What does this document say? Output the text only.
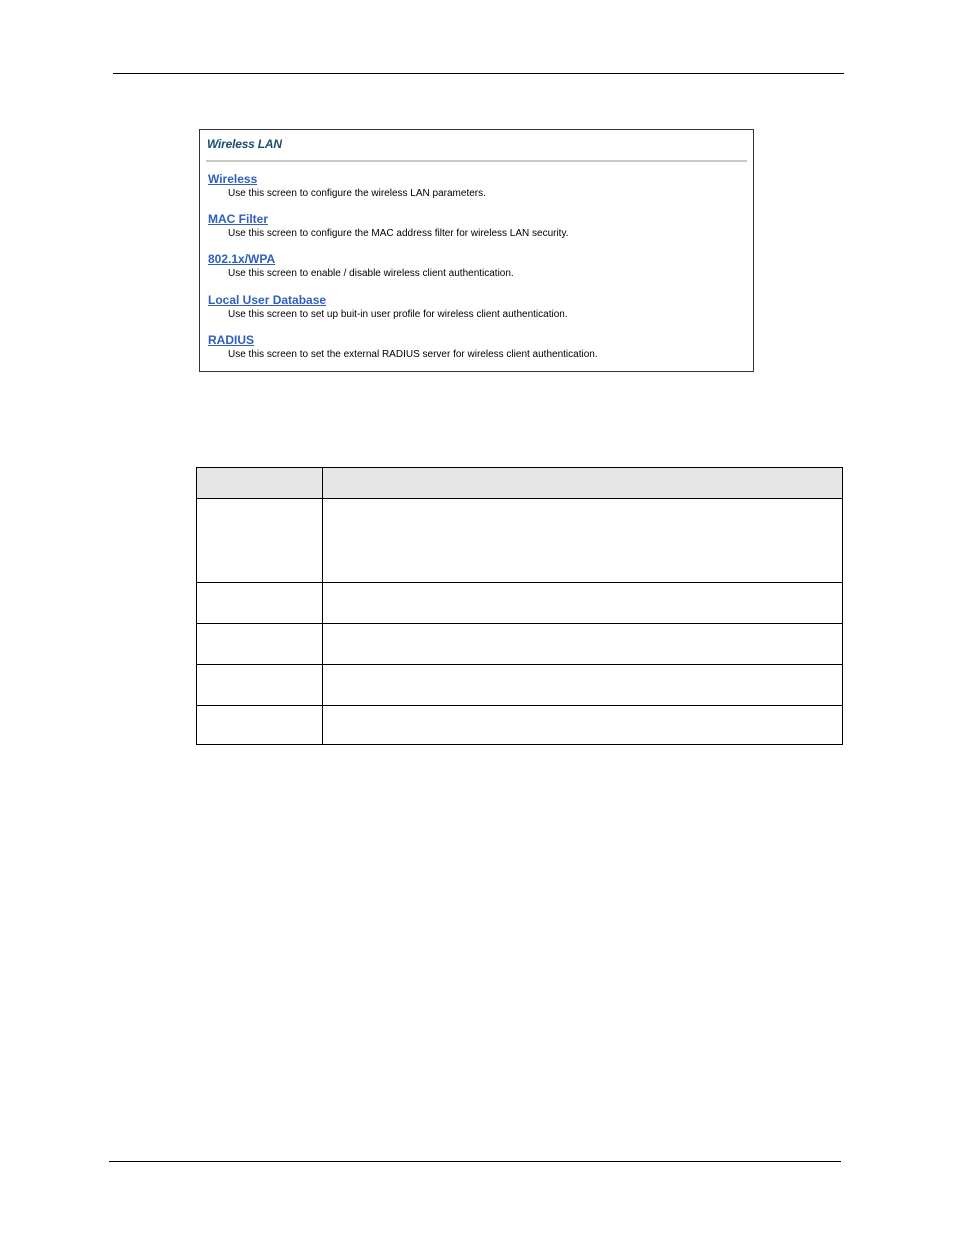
Wireless LAN
Wireless
Use this screen to configure the wireless LAN parameters.
MAC Filter
Use this screen to configure the MAC address filter for wireless LAN security.
802.1x/WPA
Use this screen to enable / disable wireless client authentication.
Local User Database
Use this screen to set up buit-in user profile for wireless client authentication.
RADIUS
Use this screen to set the external RADIUS server for wireless client authentication.
